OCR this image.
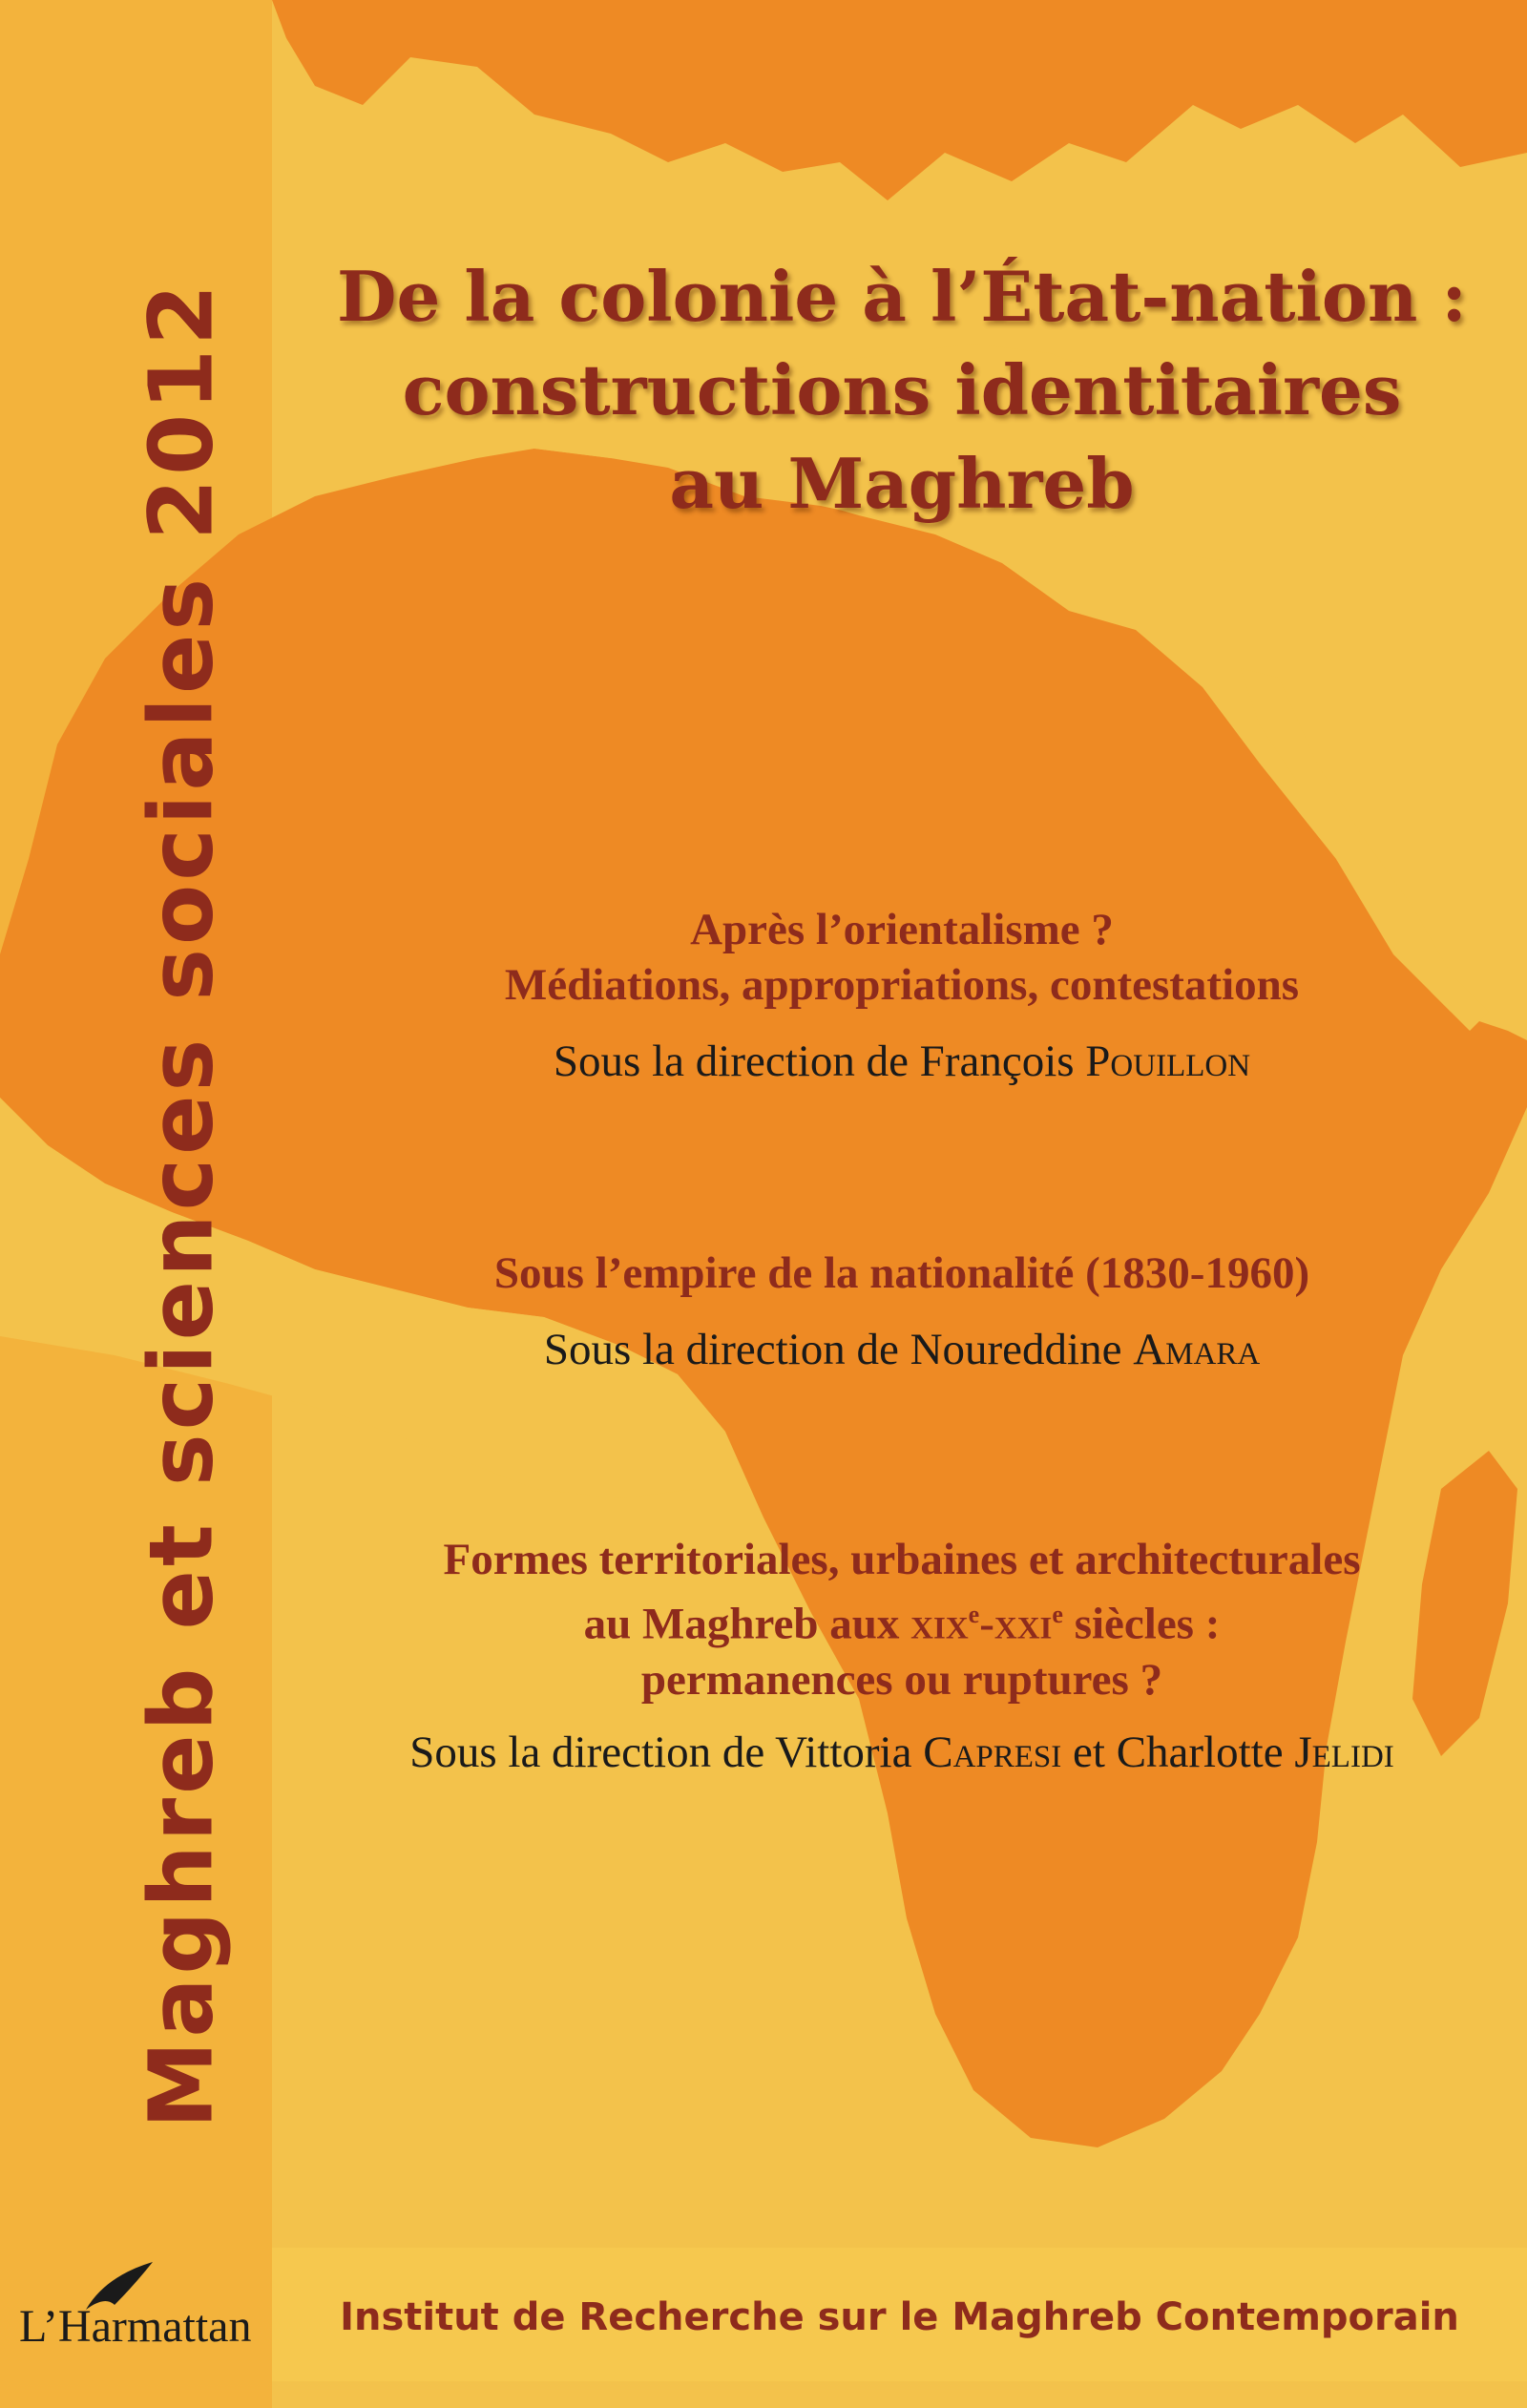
Maghreb et sciences sociales 2012	De la colonie à l’État-nation :
constructions identitaires
au Maghreb
Après l’orientalisme ?
Médiations, appropriations, contestations
Sous la direction de François Pouillon
Sous l’empire de la nationalité (1830-1960)
Sous la direction de Noureddine Amara
Formes territoriales, urbaines et architecturales
au Maghreb aux xix$^e$-xxi$^e$ siècles :
permanences ou ruptures ?
Sous la direction de Vittoria Capresi et Charlotte Jelidi
Institut de Recherche sur le Maghreb Contemporain
L’Harmattan
